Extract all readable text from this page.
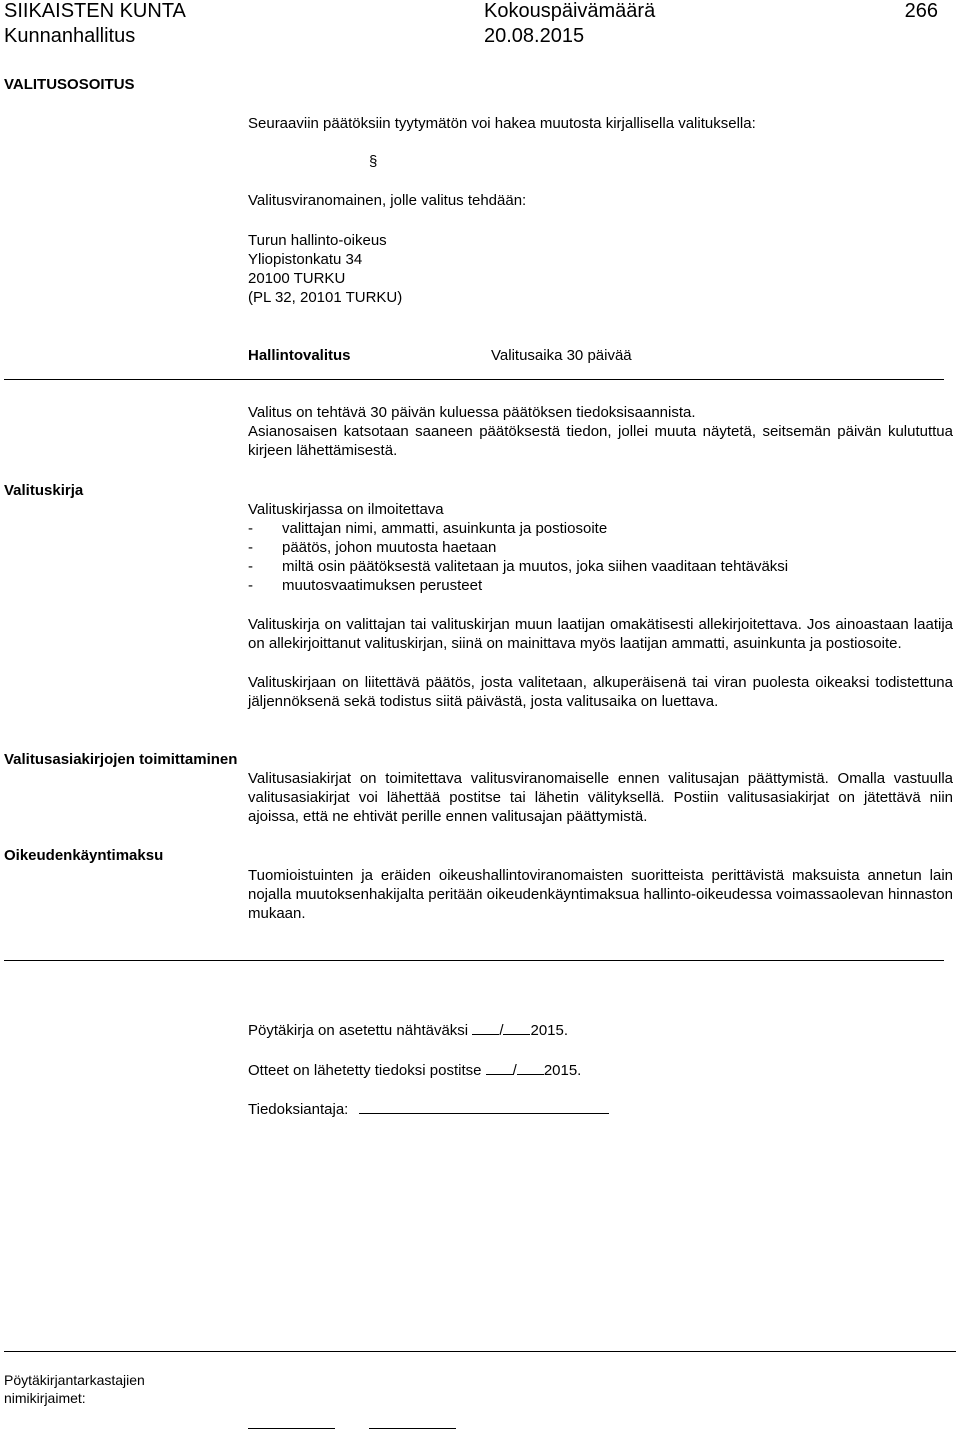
SIIKAISTEN KUNTA
Kunnanhallitus
Kokouspäivämäärä
20.08.2015
266
VALITUSOSOITUS
Seuraaviin päätöksiin tyytymätön voi hakea muutosta kirjallisella valituksella:
§
Valitusviranomainen, jolle valitus tehdään:
Turun hallinto-oikeus
Yliopistonkatu 34
20100 TURKU
(PL 32, 20101 TURKU)
Hallintovalitus	Valitusaika 30 päivää
Valitus on tehtävä 30 päivän kuluessa päätöksen tiedoksisaannista.
Asianosaisen katsotaan saaneen päätöksestä tiedon, jollei muuta näytetä, seitsemän päivän kulututtua kirjeen lähettämisestä.
Valituskirja
Valituskirjassa on ilmoitettava
- valittajan nimi, ammatti, asuinkunta ja postiosoite
- päätös, johon muutosta haetaan
- miltä osin päätöksestä valitetaan ja muutos, joka siihen vaaditaan tehtäväksi
- muutosvaatimuksen perusteet
Valituskirja on valittajan tai valituskirjan muun laatijan omakätisesti allekirjoitettava. Jos ainoastaan laatija on allekirjoittanut valituskirjan, siinä on mainittava myös laatijan ammatti, asuinkunta ja postiosoite.
Valituskirjaan on liitettävä päätös, josta valitetaan, alkuperäisenä tai viran puolesta oikeaksi todistettuna jäljennöksenä sekä todistus siitä päivästä, josta valitusaika on luettava.
Valitusasiakirjojen toimittaminen
Valitusasiakirjat on toimitettava valitusviranomaiselle ennen valitusajan päättymistä. Omalla vastuulla valitusasiakirjat voi lähettää postitse tai lähetin välityksellä. Postiin valitusasiakirjat on jätettävä niin ajoissa, että ne ehtivät perille ennen valitusajan päättymistä.
Oikeudenkäyntimaksu
Tuomioistuinten ja eräiden oikeushallintoviranomaisten suoritteista perittävistä maksuista annetun lain nojalla muutoksenhakijalta peritään oikeudenkäyntimaksua hallinto-oikeudessa voimassaolevan hinnaston mukaan.
Pöytäkirja on asetettu nähtäväksi / 2015.
Otteet on lähetetty tiedoksi postitse / 2015.
Tiedoksiantaja:
Pöytäkirjantarkastajien
nimikirjaimet:
